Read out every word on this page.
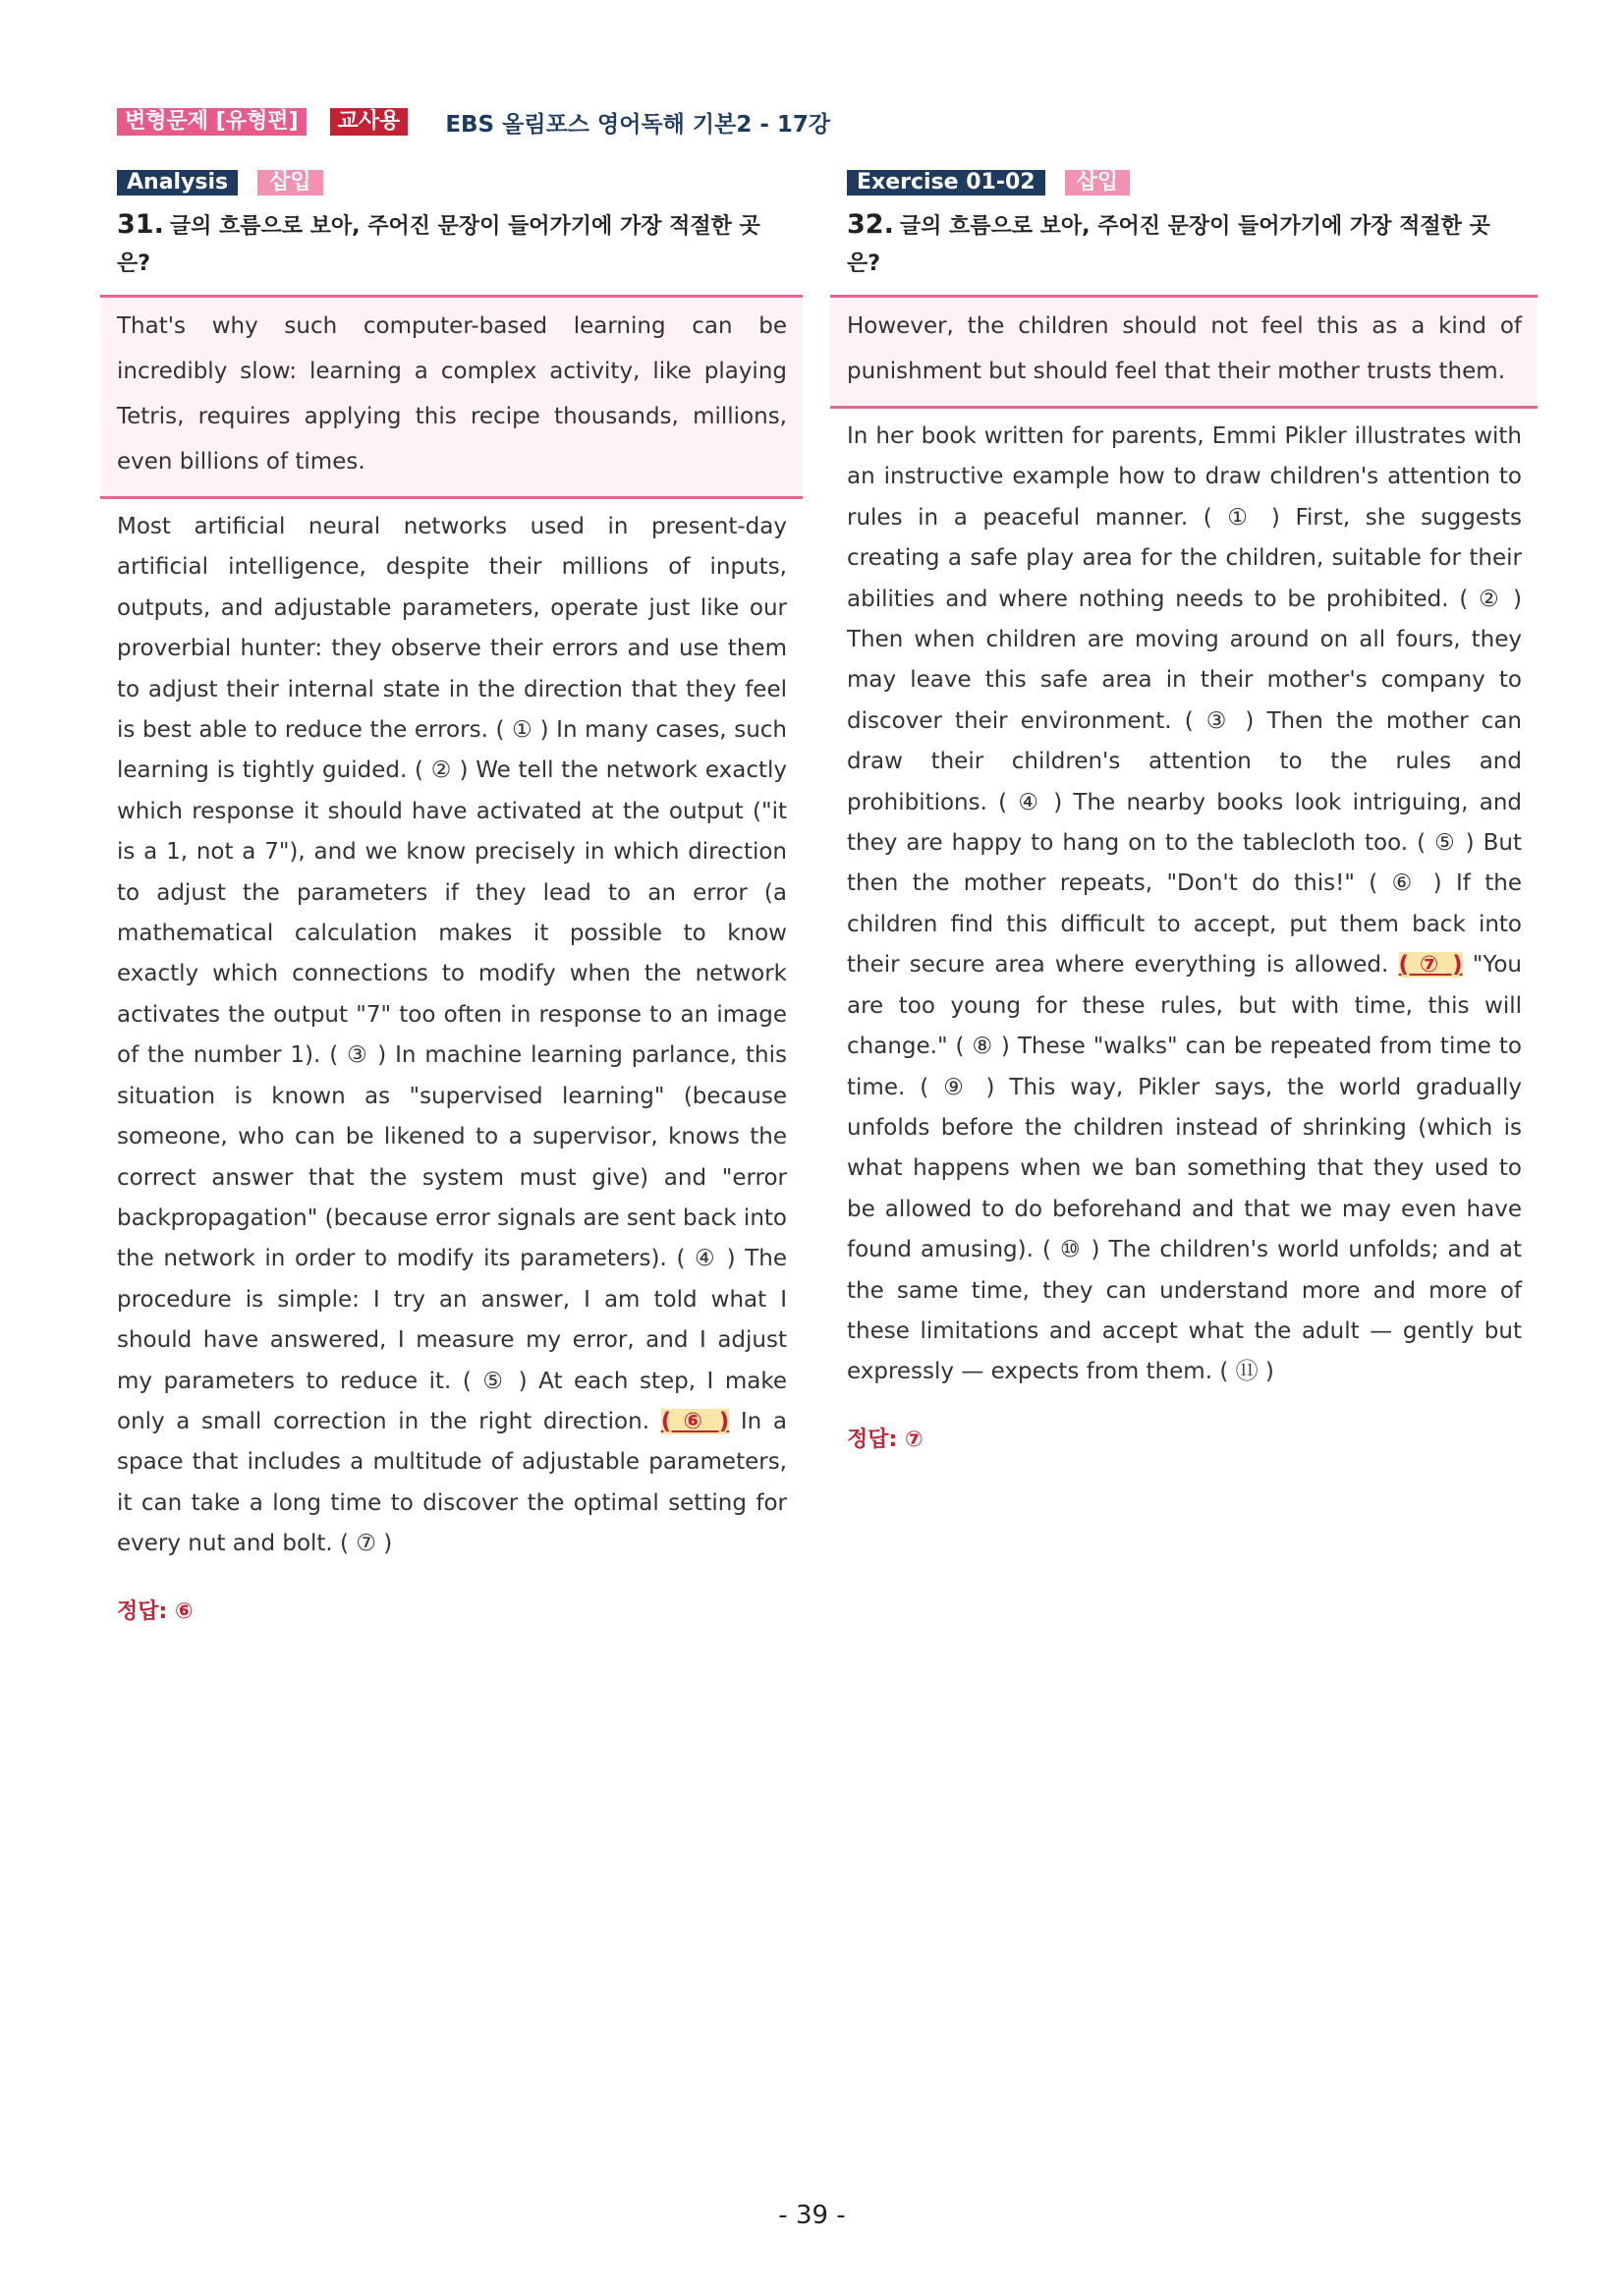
변형문제 [유형편]	교사용	EBS 올림포스 영어독해 기본2 - 17강
Analysis	삽입
31. 글의 흐름으로 보아, 주어진 문장이 들어가기에 가장 적절한 곳은?
That's why such computer-based learning can be incredibly slow: learning a complex activity, like playing Tetris, requires applying this recipe thousands, millions, even billions of times.
Most artificial neural networks used in present-day artificial intelligence, despite their millions of inputs, outputs, and adjustable parameters, operate just like our proverbial hunter: they observe their errors and use them to adjust their internal state in the direction that they feel is best able to reduce the errors. ( ① ) In many cases, such learning is tightly guided. ( ② ) We tell the network exactly which response it should have activated at the output ("it is a 1, not a 7"), and we know precisely in which direction to adjust the parameters if they lead to an error (a mathematical calculation makes it possible to know exactly which connections to modify when the network activates the output "7" too often in response to an image of the number 1). ( ③ ) In machine learning parlance, this situation is known as "supervised learning" (because someone, who can be likened to a supervisor, knows the correct answer that the system must give) and "error backpropagation" (because error signals are sent back into the network in order to modify its parameters). ( ④ ) The procedure is simple: I try an answer, I am told what I should have answered, I measure my error, and I adjust my parameters to reduce it. ( ⑤ ) At each step, I make only a small correction in the right direction. ( ⑥ ) In a space that includes a multitude of adjustable parameters, it can take a long time to discover the optimal setting for every nut and bolt. ( ⑦ )
정답: ⑥
Exercise 01-02	삽입
32. 글의 흐름으로 보아, 주어진 문장이 들어가기에 가장 적절한 곳은?
However, the children should not feel this as a kind of punishment but should feel that their mother trusts them.
In her book written for parents, Emmi Pikler illustrates with an instructive example how to draw children's attention to rules in a peaceful manner. ( ① ) First, she suggests creating a safe play area for the children, suitable for their abilities and where nothing needs to be prohibited. ( ② ) Then when children are moving around on all fours, they may leave this safe area in their mother's company to discover their environment. ( ③ ) Then the mother can draw their children's attention to the rules and prohibitions. ( ④ ) The nearby books look intriguing, and they are happy to hang on to the tablecloth too. ( ⑤ ) But then the mother repeats, "Don't do this!" ( ⑥ ) If the children find this difficult to accept, put them back into their secure area where everything is allowed. ( ⑦ ) "You are too young for these rules, but with time, this will change." ( ⑧ ) These "walks" can be repeated from time to time. ( ⑨ ) This way, Pikler says, the world gradually unfolds before the children instead of shrinking (which is what happens when we ban something that they used to be allowed to do beforehand and that we may even have found amusing). ( ⑩ ) The children's world unfolds; and at the same time, they can understand more and more of these limitations and accept what the adult — gently but expressly — expects from them. ( ⑪ )
정답: ⑦
- 39 -
